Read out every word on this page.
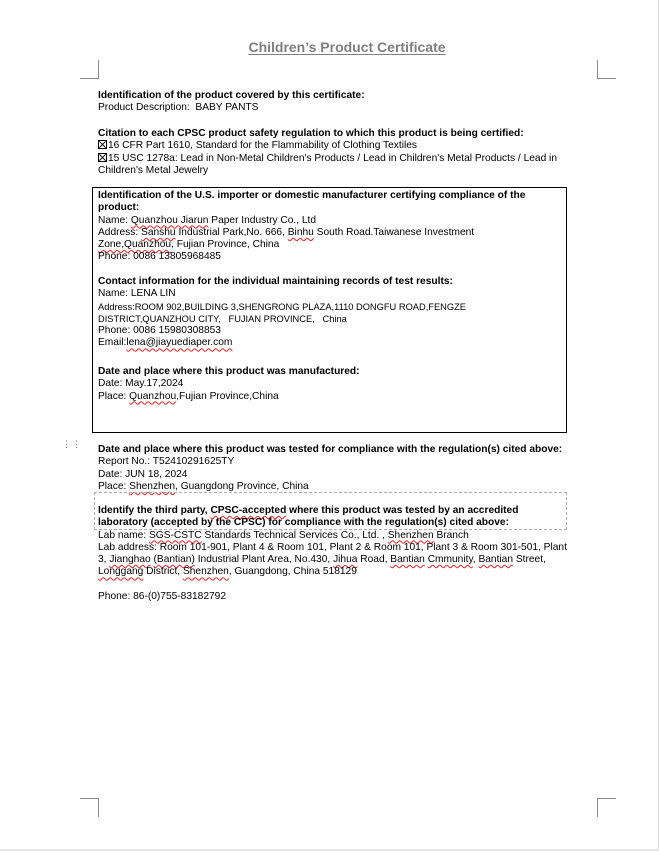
Children’s Product Certificate
Identification of the product covered by this certificate:
Product Description: BABY PANTS
Citation to each CPSC product safety regulation to which this product is being certified:
16 CFR Part 1610, Standard for the Flammability of Clothing Textiles
15 USC 1278a: Lead in Non-Metal Children's Products / Lead in Children's Metal Products / Lead in
Children's Metal Jewelry
Identification of the U.S. importer or domestic manufacturer certifying compliance of the
product:
Name: Quanzhou Jiarun Paper Industry Co., Ltd
Address: Sanshu Industrial Park,No. 666, Binhu South Road.Taiwanese Investment
Zone,Quanzhou, Fujian Province, China
Phone: 0086 13805968485
Contact information for the individual maintaining records of test results:
Name: LENA LIN
Address:ROOM 902,BUILDING 3,SHENGRONG PLAZA,1110 DONGFU ROAD,FENGZE
DISTRICT,QUANZHOU CITY,   FUJIAN PROVINCE,   China
Phone: 0086 15980308853
Email:lena@jiayuediaper.com
Date and place where this product was manufactured:
Date: May.17,2024
Place: Quanzhou,Fujian Province,China
⋮⋮ Date and place where this product was tested for compliance with the regulation(s) cited above:
Report No.: T52410291625TY
Date: JUN 18, 2024
Place: Shenzhen, Guangdong Province, China
Identify the third party, CPSC-accepted where this product was tested by an accredited
laboratory (accepted by the CPSC) for compliance with the regulation(s) cited above:
Lab name: SGS-CSTC Standards Technical Services Co., Ltd. , Shenzhen Branch
Lab address: Room 101-901, Plant 4 & Room 101, Plant 2 & Room 101, Plant 3 & Room 301-501, Plant
3, Jianghao (Bantian) Industrial Plant Area, No.430, Jihua Road, Bantian Cmmunity, Bantian Street,
Longgang District, Shenzhen, Guangdong, China 518129
Phone: 86-(0)755-83182792
